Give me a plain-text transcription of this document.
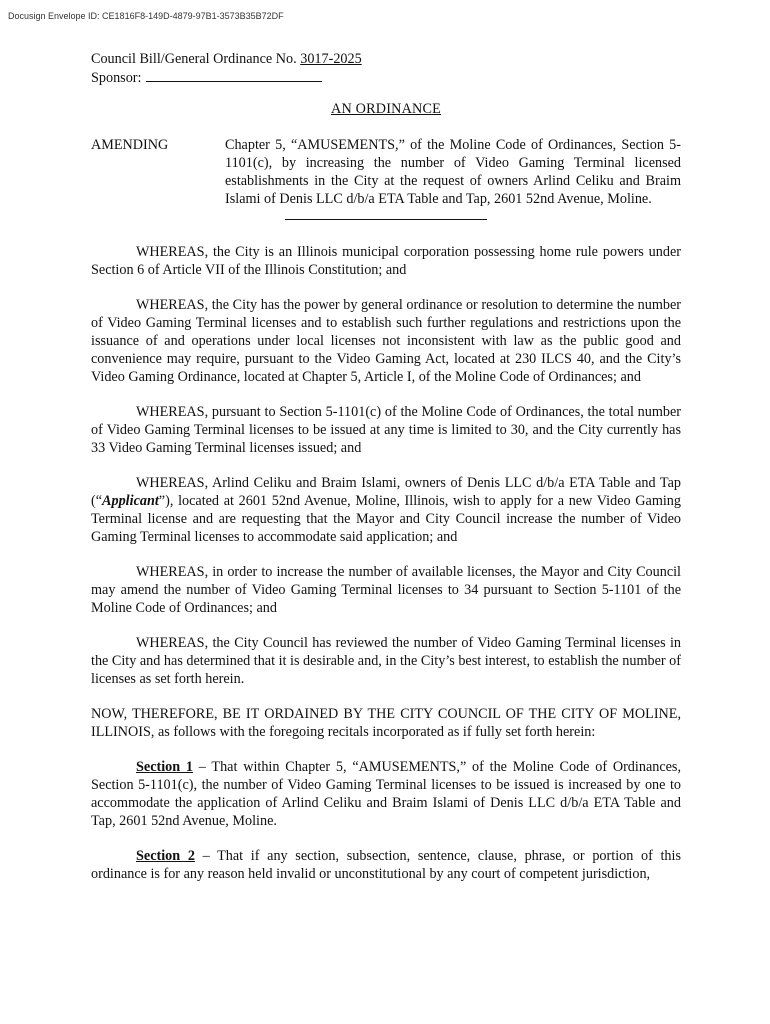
Docusign Envelope ID: CE1816F8-149D-4879-97B1-3573B35B72DF
Council Bill/General Ordinance No. 3017-2025
Sponsor:
AN ORDINANCE
AMENDING	Chapter 5, “AMUSEMENTS,” of the Moline Code of Ordinances, Section 5-1101(c), by increasing the number of Video Gaming Terminal licensed establishments in the City at the request of owners Arlind Celiku and Braim Islami of Denis LLC d/b/a ETA Table and Tap, 2601 52nd Avenue, Moline.

WHEREAS, the City is an Illinois municipal corporation possessing home rule powers under Section 6 of Article VII of the Illinois Constitution; and

WHEREAS, the City has the power by general ordinance or resolution to determine the number of Video Gaming Terminal licenses and to establish such further regulations and restrictions upon the issuance of and operations under local licenses not inconsistent with law as the public good and convenience may require, pursuant to the Video Gaming Act, located at 230 ILCS 40, and the City’s Video Gaming Ordinance, located at Chapter 5, Article I, of the Moline Code of Ordinances; and

WHEREAS, pursuant to Section 5-1101(c) of the Moline Code of Ordinances, the total number of Video Gaming Terminal licenses to be issued at any time is limited to 30, and the City currently has 33 Video Gaming Terminal licenses issued; and

WHEREAS, Arlind Celiku and Braim Islami, owners of Denis LLC d/b/a ETA Table and Tap (“Applicant”), located at 2601 52nd Avenue, Moline, Illinois, wish to apply for a new Video Gaming Terminal license and are requesting that the Mayor and City Council increase the number of Video Gaming Terminal licenses to accommodate said application; and

WHEREAS, in order to increase the number of available licenses, the Mayor and City Council may amend the number of Video Gaming Terminal licenses to 34 pursuant to Section 5-1101 of the Moline Code of Ordinances; and

WHEREAS, the City Council has reviewed the number of Video Gaming Terminal licenses in the City and has determined that it is desirable and, in the City’s best interest, to establish the number of licenses as set forth herein.

NOW, THEREFORE, BE IT ORDAINED BY THE CITY COUNCIL OF THE CITY OF MOLINE, ILLINOIS, as follows with the foregoing recitals incorporated as if fully set forth herein:

Section 1 – That within Chapter 5, “AMUSEMENTS,” of the Moline Code of Ordinances, Section 5-1101(c), the number of Video Gaming Terminal licenses to be issued is increased by one to accommodate the application of Arlind Celiku and Braim Islami of Denis LLC d/b/a ETA Table and Tap, 2601 52nd Avenue, Moline.

Section 2 – That if any section, subsection, sentence, clause, phrase, or portion of this ordinance is for any reason held invalid or unconstitutional by any court of competent jurisdiction,
